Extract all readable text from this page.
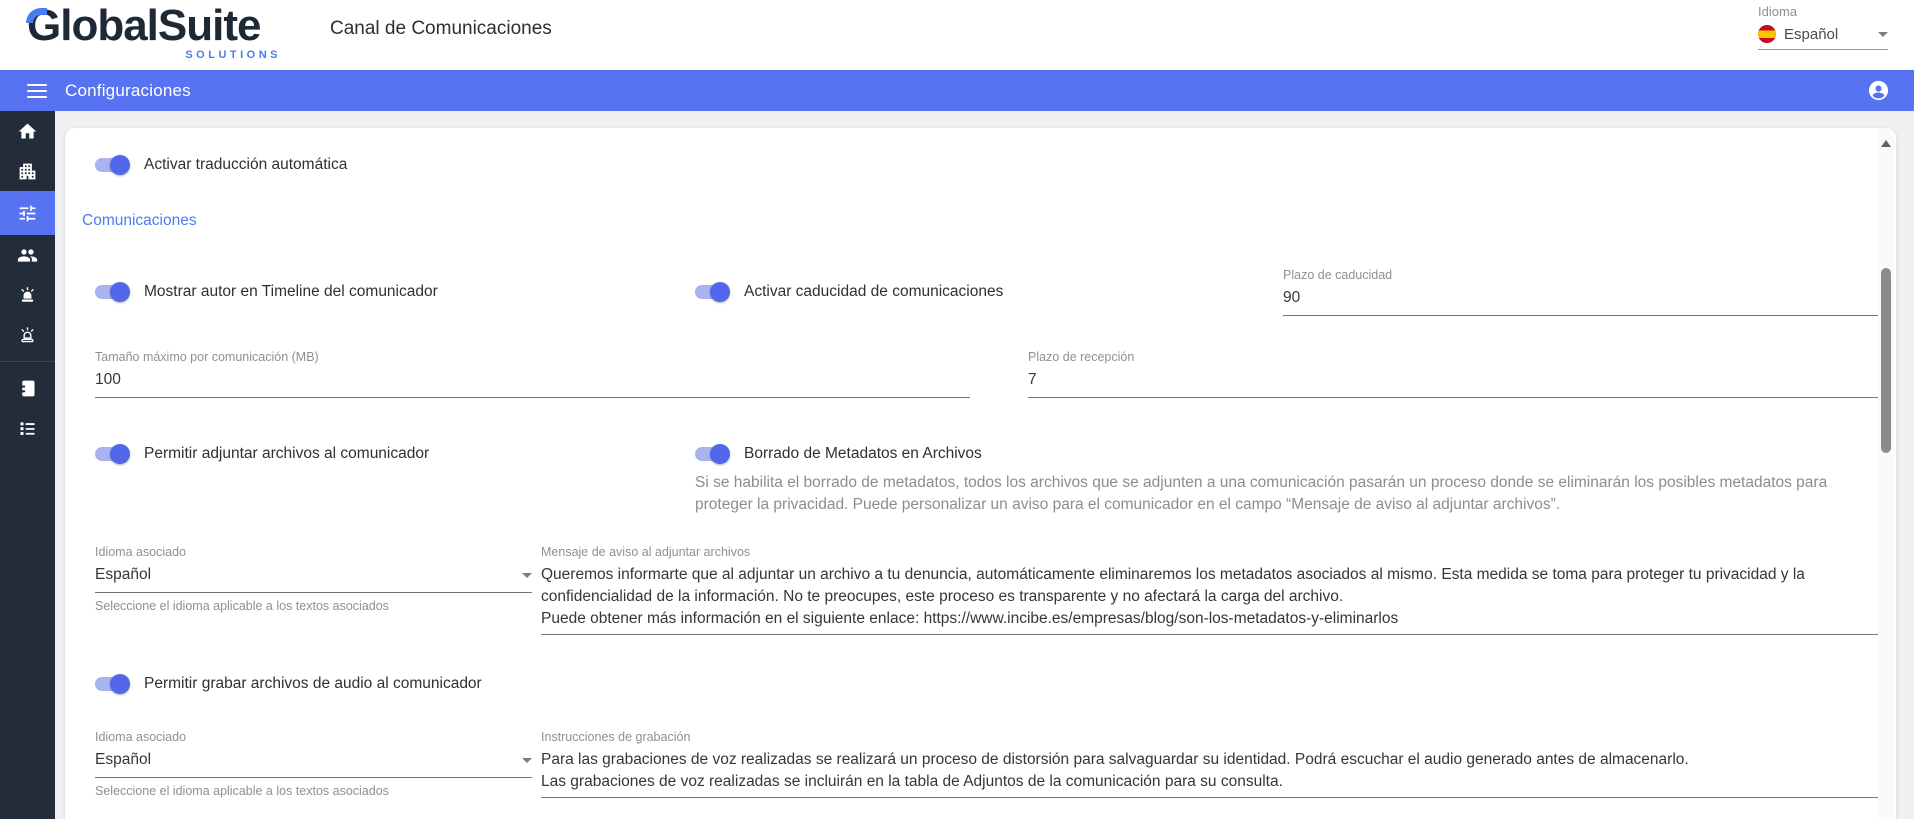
GlobalSuite
SOLUTIONS
Canal de Comunicaciones
Idioma
Español
Configuraciones
Activar traducción automática
Comunicaciones
Mostrar autor en Timeline del comunicador	Activar caducidad de comunicaciones
Plazo de caducidad
90
Tamaño máximo por comunicación (MB)
100
Plazo de recepción
7
Permitir adjuntar archivos al comunicador	Borrado de Metadatos en Archivos
Si se habilita el borrado de metadatos, todos los archivos que se adjunten a una comunicación pasarán un proceso donde se eliminarán los posibles metadatos para proteger la privacidad. Puede personalizar un aviso para el comunicador en el campo “Mensaje de aviso al adjuntar archivos”.
Idioma asociado
Español
Seleccione el idioma aplicable a los textos asociados
Mensaje de aviso al adjuntar archivos
Queremos informarte que al adjuntar un archivo a tu denuncia, automáticamente eliminaremos los metadatos asociados al mismo. Esta medida se toma para proteger tu privacidad y la confidencialidad de la información. No te preocupes, este proceso es transparente y no afectará la carga del archivo.
Puede obtener más información en el siguiente enlace: https://www.incibe.es/empresas/blog/son-los-metadatos-y-eliminarlos
Permitir grabar archivos de audio al comunicador
Idioma asociado
Español
Seleccione el idioma aplicable a los textos asociados
Instrucciones de grabación
Para las grabaciones de voz realizadas se realizará un proceso de distorsión para salvaguardar su identidad. Podrá escuchar el audio generado antes de almacenarlo.
Las grabaciones de voz realizadas se incluirán en la tabla de Adjuntos de la comunicación para su consulta.
